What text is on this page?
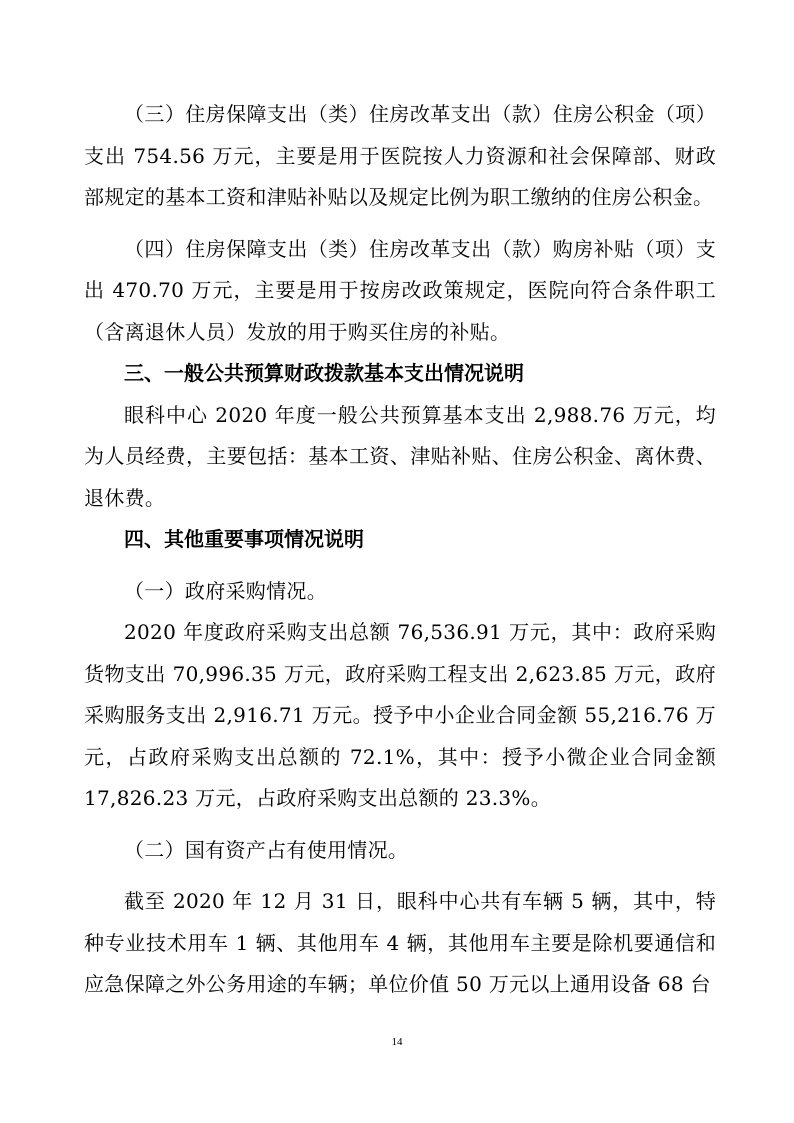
（三）住房保障支出（类）住房改革支出（款）住房公积金（项）支出 754.56 万元，主要是用于医院按人力资源和社会保障部、财政部规定的基本工资和津贴补贴以及规定比例为职工缴纳的住房公积金。

（四）住房保障支出（类）住房改革支出（款）购房补贴（项）支出 470.70 万元，主要是用于按房改政策规定，医院向符合条件职工（含离退休人员）发放的用于购买住房的补贴。

三、一般公共预算财政拨款基本支出情况说明

眼科中心 2020 年度一般公共预算基本支出 2,988.76 万元，均为人员经费，主要包括：基本工资、津贴补贴、住房公积金、离休费、退休费。

四、其他重要事项情况说明

（一）政府采购情况。

2020 年度政府采购支出总额 76,536.91 万元，其中：政府采购货物支出 70,996.35 万元，政府采购工程支出 2,623.85 万元，政府采购服务支出 2,916.71 万元。授予中小企业合同金额 55,216.76 万元，占政府采购支出总额的 72.1%，其中：授予小微企业合同金额 17,826.23 万元，占政府采购支出总额的 23.3%。

（二）国有资产占有使用情况。

截至 2020 年 12 月 31 日，眼科中心共有车辆 5 辆，其中，特种专业技术用车 1 辆、其他用车 4 辆，其他用车主要是除机要通信和应急保障之外公务用途的车辆；单位价值 50 万元以上通用设备 68 台

14
